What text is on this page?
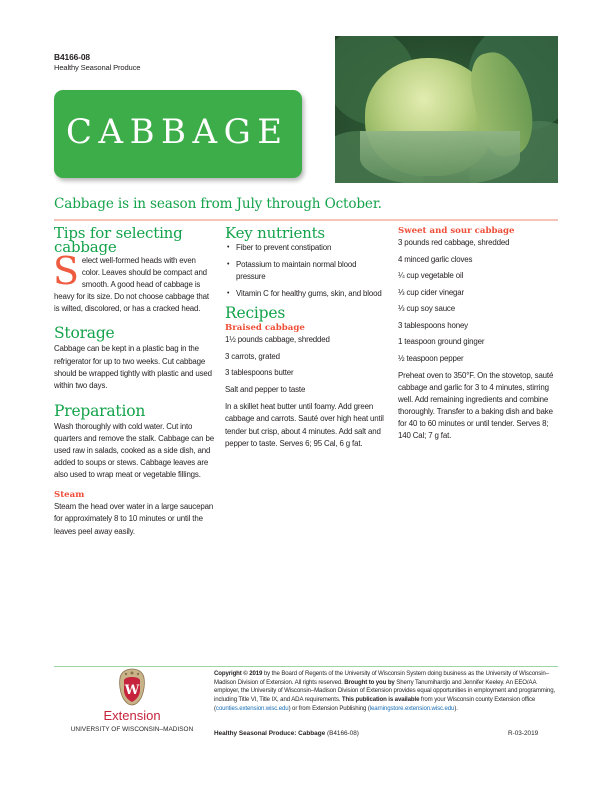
B4166-08
Healthy Seasonal Produce
CABBAGE
Cabbage is in season from July through October.
Tips for selecting cabbage
Select well-formed heads with even color. Leaves should be compact and smooth. A good head of cabbage is heavy for its size. Do not choose cabbage that is wilted, discolored, or has a cracked head.
Storage
Cabbage can be kept in a plastic bag in the refrigerator for up to two weeks. Cut cabbage should be wrapped tightly with plastic and used within two days.
Preparation
Wash thoroughly with cold water. Cut into quarters and remove the stalk. Cabbage can be used raw in salads, cooked as a side dish, and added to soups or stews. Cabbage leaves are also used to wrap meat or vegetable fillings.
Steam
Steam the head over water in a large saucepan for approximately 8 to 10 minutes or until the leaves peel away easily.
Key nutrients
• Fiber to prevent constipation
• Potassium to maintain normal blood pressure
• Vitamin C for healthy gums, skin, and blood
Recipes
Braised cabbage
1½ pounds cabbage, shredded
3 carrots, grated
3 tablespoons butter
Salt and pepper to taste
In a skillet heat butter until foamy. Add green cabbage and carrots. Sauté over high heat until tender but crisp, about 4 minutes. Add salt and pepper to taste. Serves 6; 95 Cal, 6 g fat.
Sweet and sour cabbage
3 pounds red cabbage, shredded
4 minced garlic cloves
¼ cup vegetable oil
⅓ cup cider vinegar
⅓ cup soy sauce
3 tablespoons honey
1 teaspoon ground ginger
½ teaspoon pepper
Preheat oven to 350°F. On the stovetop, sauté cabbage and garlic for 3 to 4 minutes, stirring well. Add remaining ingredients and combine thoroughly. Transfer to a baking dish and bake for 40 to 60 minutes or until tender. Serves 8; 140 Cal; 7 g fat.
W
Extension
UNIVERSITY OF WISCONSIN–MADISON
Copyright © 2019 by the Board of Regents of the University of Wisconsin System doing business as the University of Wisconsin–Madison Division of Extension. All rights reserved. Brought to you by Sherry Tanumihardjo and Jennifer Keeley. An EEO/AA employer, the University of Wisconsin–Madison Division of Extension provides equal opportunities in employment and programming, including Title VI, Title IX, and ADA requirements. This publication is available from your Wisconsin county Extension office (counties.extension.wisc.edu) or from Extension Publishing (learningstore.extension.wisc.edu).
Healthy Seasonal Produce: Cabbage (B4166-08)	R-03-2019
